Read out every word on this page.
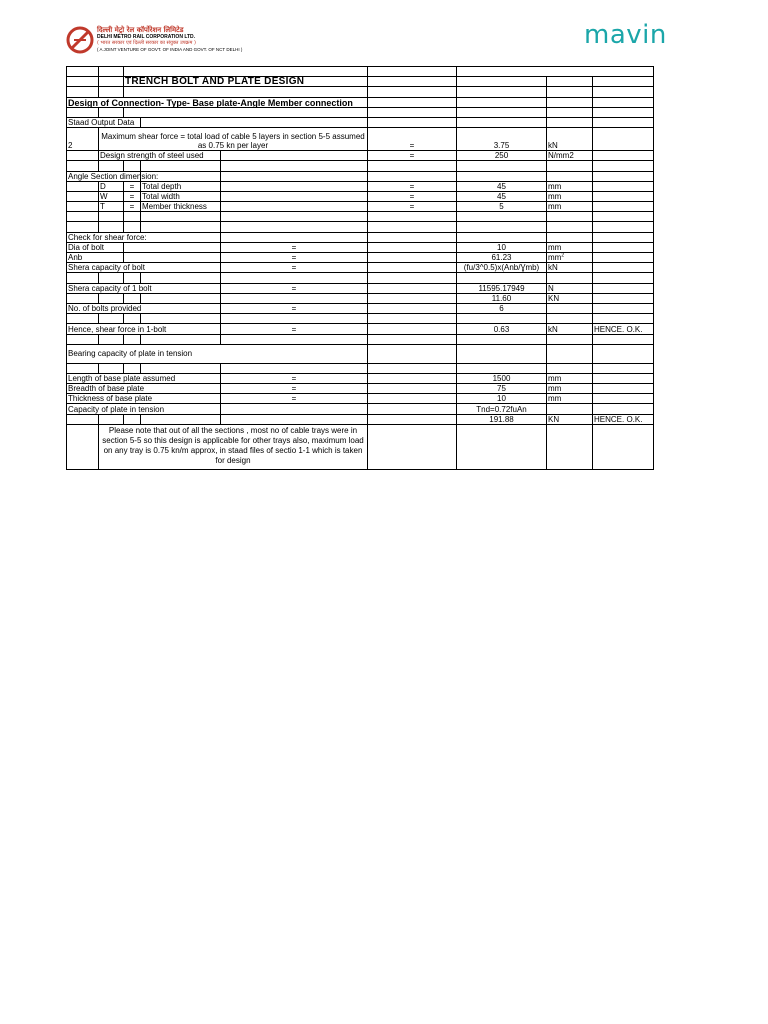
दिल्ली मेट्रो रेल कॉर्पोरेशन लिमिटेड
DELHI METRO RAIL CORPORATION LTD.
( भारत सरकार एवं दिल्ली सरकार का संयुक्त उपक्रम )
( A JOINT VENTURE OF GOVT. OF INDIA AND GOVT. OF NCT DELHI )	mavin

		TRENCH BOLT AND PLATE DESIGN						

Design of Connection- Type- Base plate-Angle Member connection								

Staad Output Data								
2	Maximum shear force = total load of cable 5 layers in section 5-5 assumed as 0.75 kn per layer				=	3.75	kN	
	Design strength of steel used				=	250	N/mm2	

Angle Section dimension:								
	D	=	Total depth		=	45	mm	
	W	=	Total width		=	45	mm	
	T	=	Member thickness		=	5	mm	

Check for shear force:								
Dia of bolt				=		10	mm	
Anb				=		61.23	$mm^2$	
Shera capacity of bolt				=		(fu/3^0.5)x(Anb/Ɣmb)	kN	

Shera capacity of 1 bolt				=		11595.17949	N	
						11.60	KN	
No. of bolts provided				=		6		

Hence, shear force in 1-bolt				=		0.63	kN	HENCE. O.K.

Bearing capacity of plate in tension								

Length of base plate assumed				=		1500	mm	
Breadth of base plate				=		75	mm	
Thickness of base plate				=		10	mm	
Capacity of plate in tension						Tnd=0.72fuAn		
						191.88	KN	HENCE. O.K.
	Please note that out of all the sections , most no of cable trays were in section 5-5 so this design is applicable for other trays also, maximum load on any tray is 0.75 kn/m approx, in staad files of sectio 1-1 which is taken for design							
